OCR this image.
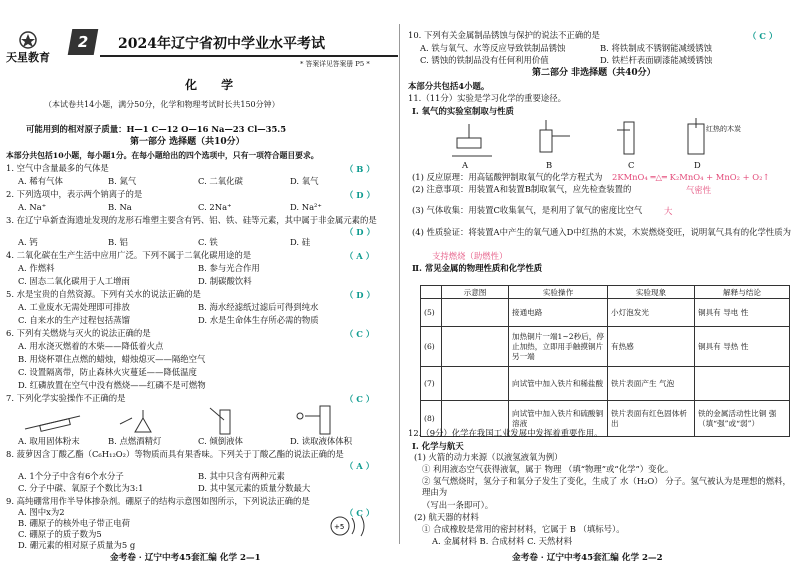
天星教育
2	2024年辽宁省初中学业水平考试
* 答案详见答案册 P5 *
化 学
（本试卷共14小题，满分50分，化学和物理考试时长共150分钟）
可能用到的相对原子质量：H—1 C—12 O—16 Na—23 Cl—35.5
第一部分 选择题（共10分）
本部分共包括10小题，每小题1分。在每小题给出的四个选项中，只有一项符合题目要求。
1. 空气中含量最多的气体是	（ B ）
A. 稀有气体	B. 氮气	C. 二氧化碳	D. 氧气
2. 下列选项中，表示两个钠离子的是	（ D ）
A. Na⁺	B. Na	C. 2Na⁺	D. Na²⁺
3. 在辽宁阜新查海遗址发现的龙形石堆塑主要含有钙、铝、铁、硅等元素，其中属于非金属元素的是
（ D ）
A. 钙	B. 铝	C. 铁	D. 硅
4. 二氧化碳在生产生活中应用广泛。下列不属于二氧化碳用途的是	（ A ）
A. 作燃料	B. 参与光合作用
C. 固态二氧化碳用于人工增雨	D. 制碳酸饮料
5. 水是宝贵的自然资源。下列有关水的说法正确的是	（ D ）
A. 工业废水无需处理即可排放	B. 海水经滤纸过滤后可得到纯水
C. 自来水的生产过程包括蒸馏	D. 水是生命体生存所必需的物质
6. 下列有关燃烧与灭火的说法正确的是	（ C ）
A. 用水浇灭燃着的木柴——降低着火点
B. 用烧杯罩住点燃的蜡烛，蜡烛熄灭——隔绝空气
C. 设置隔离带，防止森林火灾蔓延——降低温度
D. 红磷放置在空气中没有燃烧——红磷不是可燃物
7. 下列化学实验操作不正确的是	（ C ）
A. 取用固体粉末	B. 点燃酒精灯	C. 倾倒液体	D. 读取液体体积
8. 菠萝因含丁酸乙酯（C₆H₁₂O₂）等物质而具有果香味。下列关于丁酸乙酯的说法正确的是
（ A ）
A. 1个分子中含有6个水分子	B. 其中只含有两种元素
C. 分子中碳、氧原子个数比为3:1	D. 其中氢元素的质量分数最大
9. 高纯硼常用作半导体掺杂剂。硼原子的结构示意图如图所示，下列说法正确的是
（ C ）
A. 图中x为2
B. 硼原子的核外电子带正电荷
C. 硼原子的质子数为5
D. 硼元素的相对原子质量为5 g
+5
金考卷 · 辽宁中考45套汇编 化学 2—1
10. 下列有关金属制品锈蚀与保护的说法不正确的是	（ C ）
A. 铁与氧气、水等反应导致铁制品锈蚀	B. 将铁制成不锈钢能减缓锈蚀
C. 锈蚀的铁制品没有任何利用价值	D. 铁栏杆表面刷漆能减缓锈蚀
第二部分 非选择题（共40分）
本部分共包括4小题。
11.（11分）实验是学习化学的重要途径。
Ⅰ. 氧气的实验室制取与性质
A	B	C	D
红热的木炭
(1) 反应原理：用高锰酸钾制取氧气的化学方程式为 2KMnO₄ ═△═ K₂MnO₄ + MnO₂ + O₂↑
(2) 注意事项：用装置A和装置B制取氧气，应先检查装置的	气密性
(3) 气体收集：用装置C收集氧气，是利用了氧气的密度比空气	大
(4) 性质验证：将装置A中产生的氧气通入D中红热的木炭，木炭燃烧变旺，说明氧气具有的化学性质为
支持燃烧（助燃性）
Ⅱ. 常见金属的物理性质和化学性质
金考卷 · 辽宁中考45套汇编 化学 2—2
	示意图	实验操作	实验现象	解释与结论
(5)		接通电路	小灯泡发光	铜具有 导电 性
(6)		加热铜片一端1~2秒后，停止加热，立即用手触摸铜片另一端	有热感	铜具有 导热 性
(7)		向试管中加入铁片和稀盐酸	铁片表面产生 气泡	
(8)		向试管中加入铁片和硫酸铜溶液	铁片表面有红色固体析出	铁的金属活动性比铜 强（填“强”或“弱”）
12.（9分）化学在我国工业发展中发挥着重要作用。
Ⅰ. 化学与航天
(1) 火箭的动力来源（以液氢液氧为例）
① 利用液态空气获得液氧，属于 物理 （填“物理”或“化学”）变化。
② 氢气燃烧时，氢分子和氧分子发生了变化，生成了 水（H₂O） 分子。氢气被认为是理想的燃料，理由为
（写出一条即可）。
(2) 航天器的材料
① 合成橡胶是常用的密封材料，它属于 B （填标号）。
A. 金属材料 B. 合成材料 C. 天然材料
